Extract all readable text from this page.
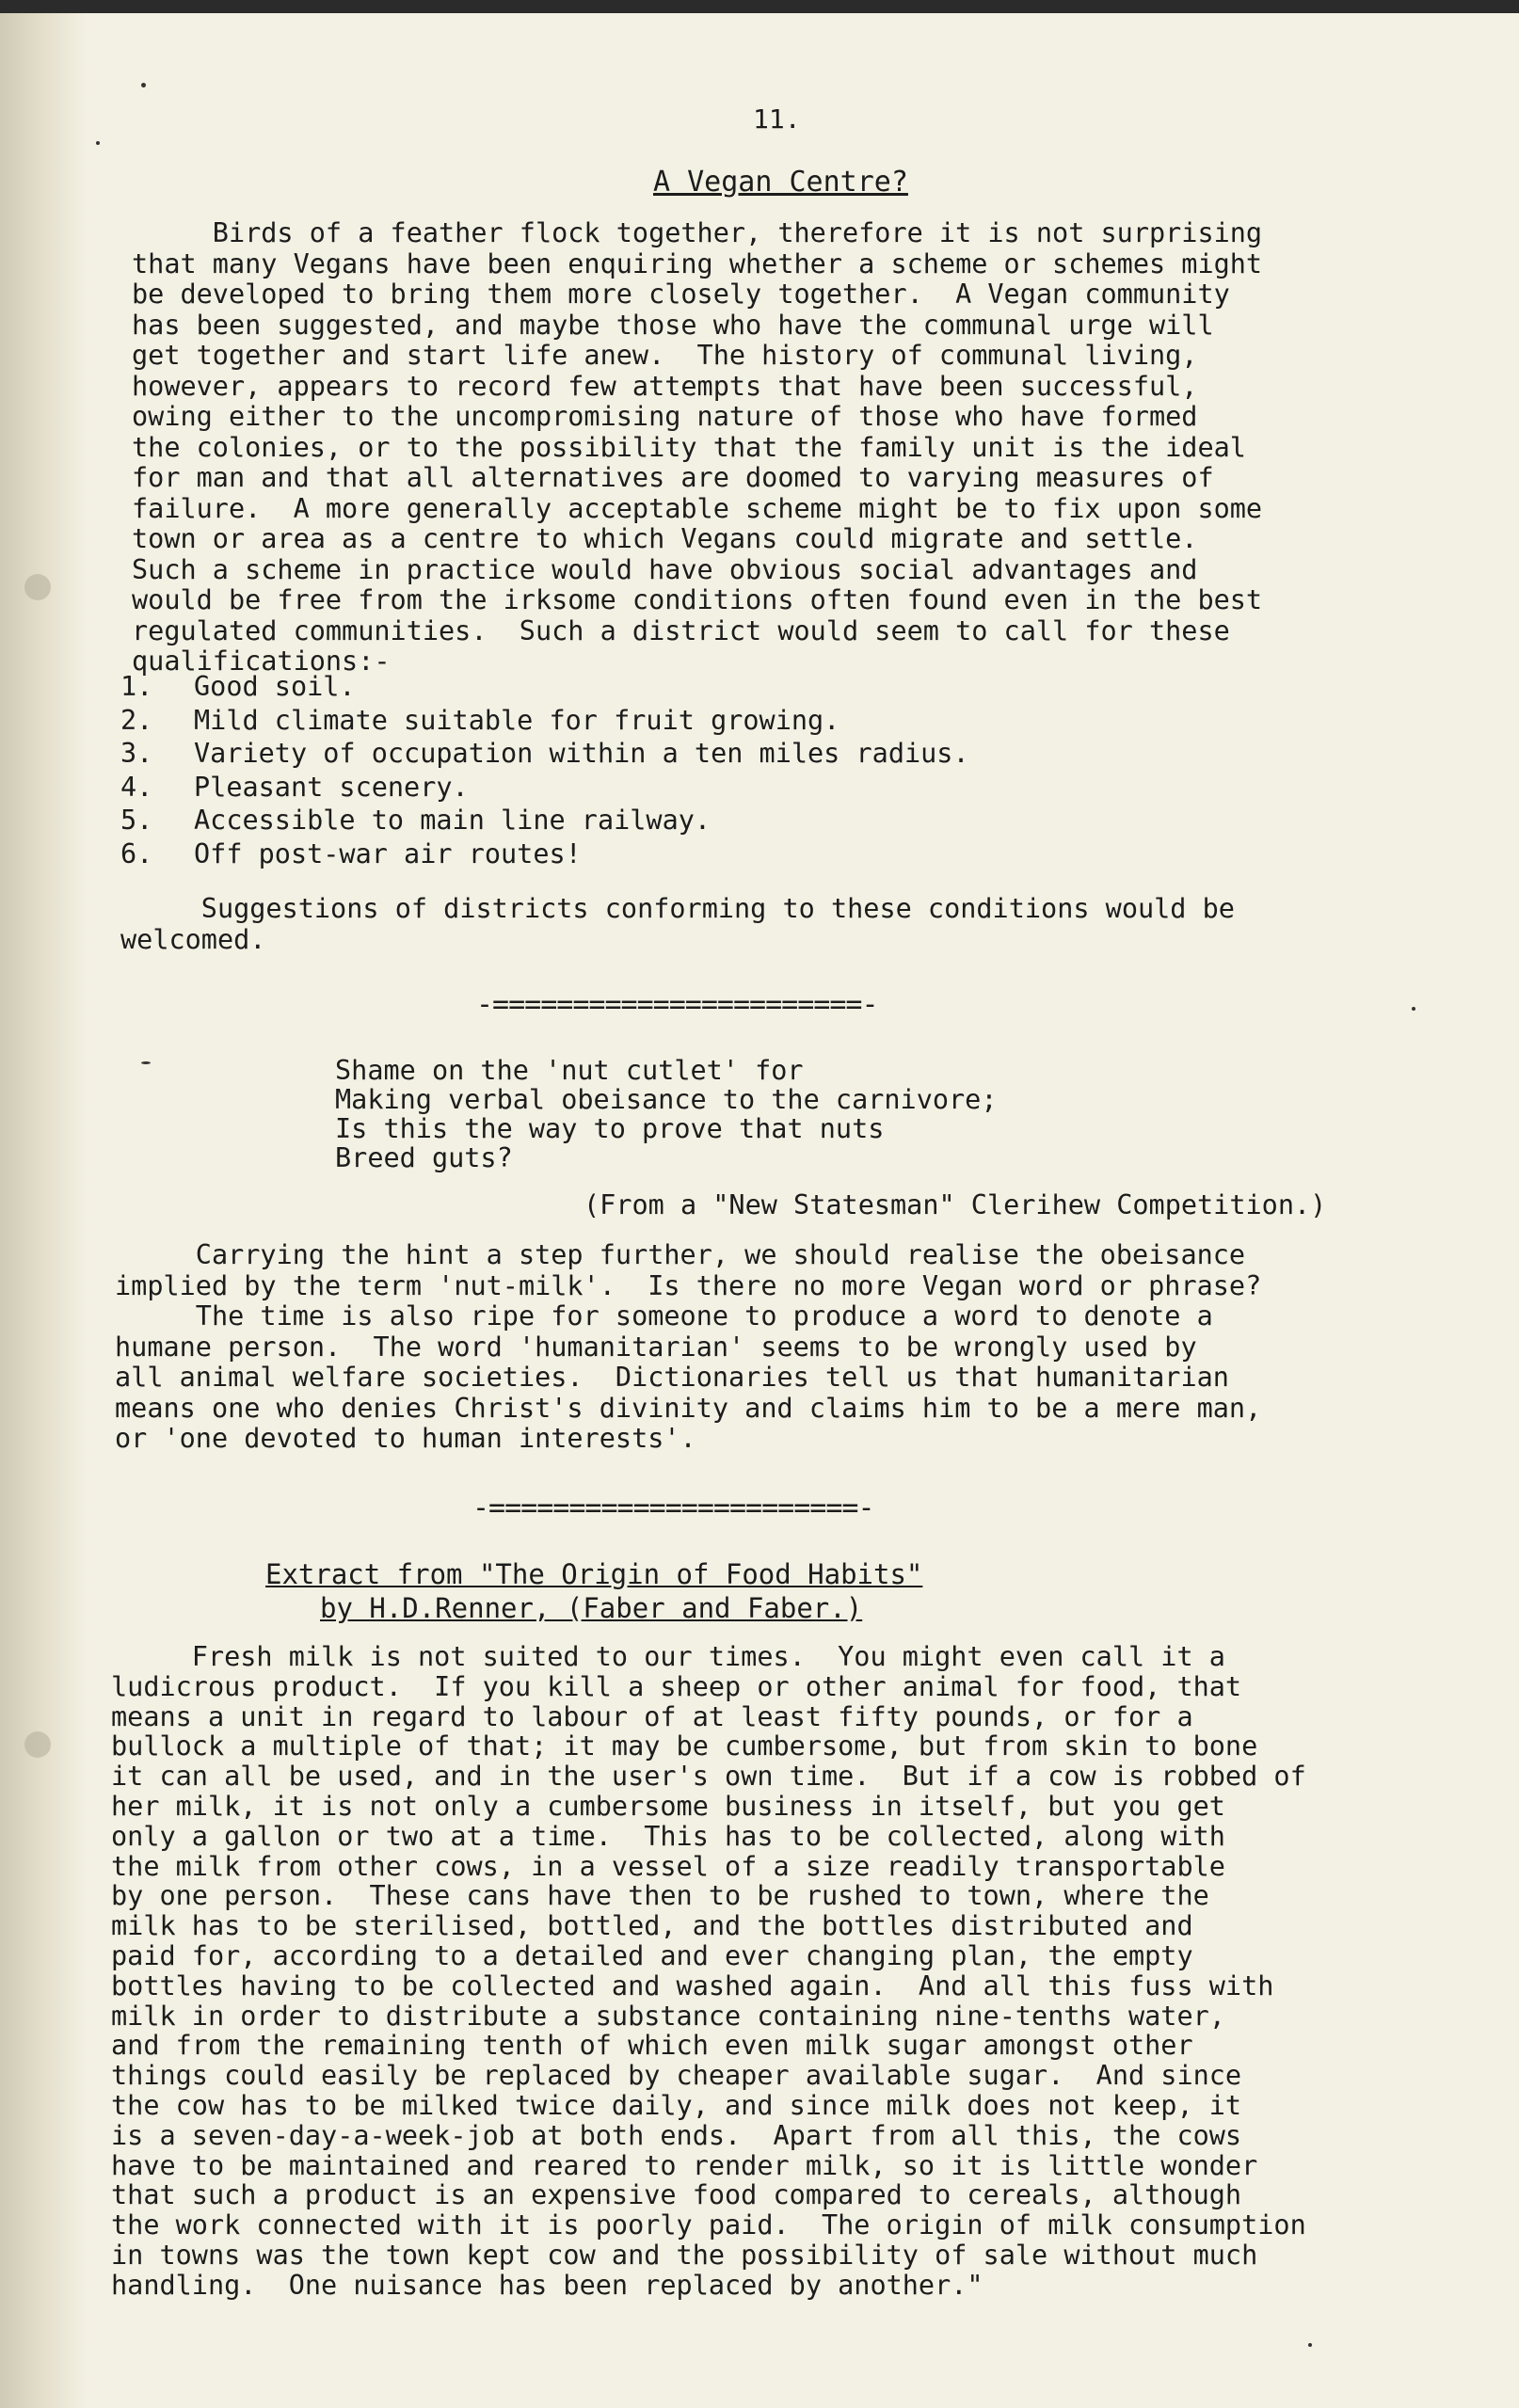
11.
A Vegan Centre?
Birds of a feather flock together, therefore it is not surprising
that many Vegans have been enquiring whether a scheme or schemes might
be developed to bring them more closely together.  A Vegan community
has been suggested, and maybe those who have the communal urge will
get together and start life anew.  The history of communal living,
however, appears to record few attempts that have been successful,
owing either to the uncompromising nature of those who have formed
the colonies, or to the possibility that the family unit is the ideal
for man and that all alternatives are doomed to varying measures of
failure.  A more generally acceptable scheme might be to fix upon some
town or area as a centre to which Vegans could migrate and settle.
Such a scheme in practice would have obvious social advantages and
would be free from the irksome conditions often found even in the best
regulated communities.  Such a district would seem to call for these
qualifications:-
1. Good soil.
2. Mild climate suitable for fruit growing.
3. Variety of occupation within a ten miles radius.
4. Pleasant scenery.
5. Accessible to main line railway.
6. Off post-war air routes!
Suggestions of districts conforming to these conditions would be
welcomed.
-=======================-
Shame on the 'nut cutlet' for
Making verbal obeisance to the carnivore;
Is this the way to prove that nuts
Breed guts?
(From a "New Statesman" Clerihew Competition.)
Carrying the hint a step further, we should realise the obeisance
implied by the term 'nut-milk'.  Is there no more Vegan word or phrase?
The time is also ripe for someone to produce a word to denote a
humane person.  The word 'humanitarian' seems to be wrongly used by
all animal welfare societies.  Dictionaries tell us that humanitarian
means one who denies Christ's divinity and claims him to be a mere man,
or 'one devoted to human interests'.
-=======================-
Extract from "The Origin of Food Habits"
by H.D.Renner, (Faber and Faber.)
Fresh milk is not suited to our times.  You might even call it a
ludicrous product.  If you kill a sheep or other animal for food, that
means a unit in regard to labour of at least fifty pounds, or for a
bullock a multiple of that; it may be cumbersome, but from skin to bone
it can all be used, and in the user's own time.  But if a cow is robbed of
her milk, it is not only a cumbersome business in itself, but you get
only a gallon or two at a time.  This has to be collected, along with
the milk from other cows, in a vessel of a size readily transportable
by one person.  These cans have then to be rushed to town, where the
milk has to be sterilised, bottled, and the bottles distributed and
paid for, according to a detailed and ever changing plan, the empty
bottles having to be collected and washed again.  And all this fuss with
milk in order to distribute a substance containing nine-tenths water,
and from the remaining tenth of which even milk sugar amongst other
things could easily be replaced by cheaper available sugar.  And since
the cow has to be milked twice daily, and since milk does not keep, it
is a seven-day-a-week-job at both ends.  Apart from all this, the cows
have to be maintained and reared to render milk, so it is little wonder
that such a product is an expensive food compared to cereals, although
the work connected with it is poorly paid.  The origin of milk consumption
in towns was the town kept cow and the possibility of sale without much
handling.  One nuisance has been replaced by another."
